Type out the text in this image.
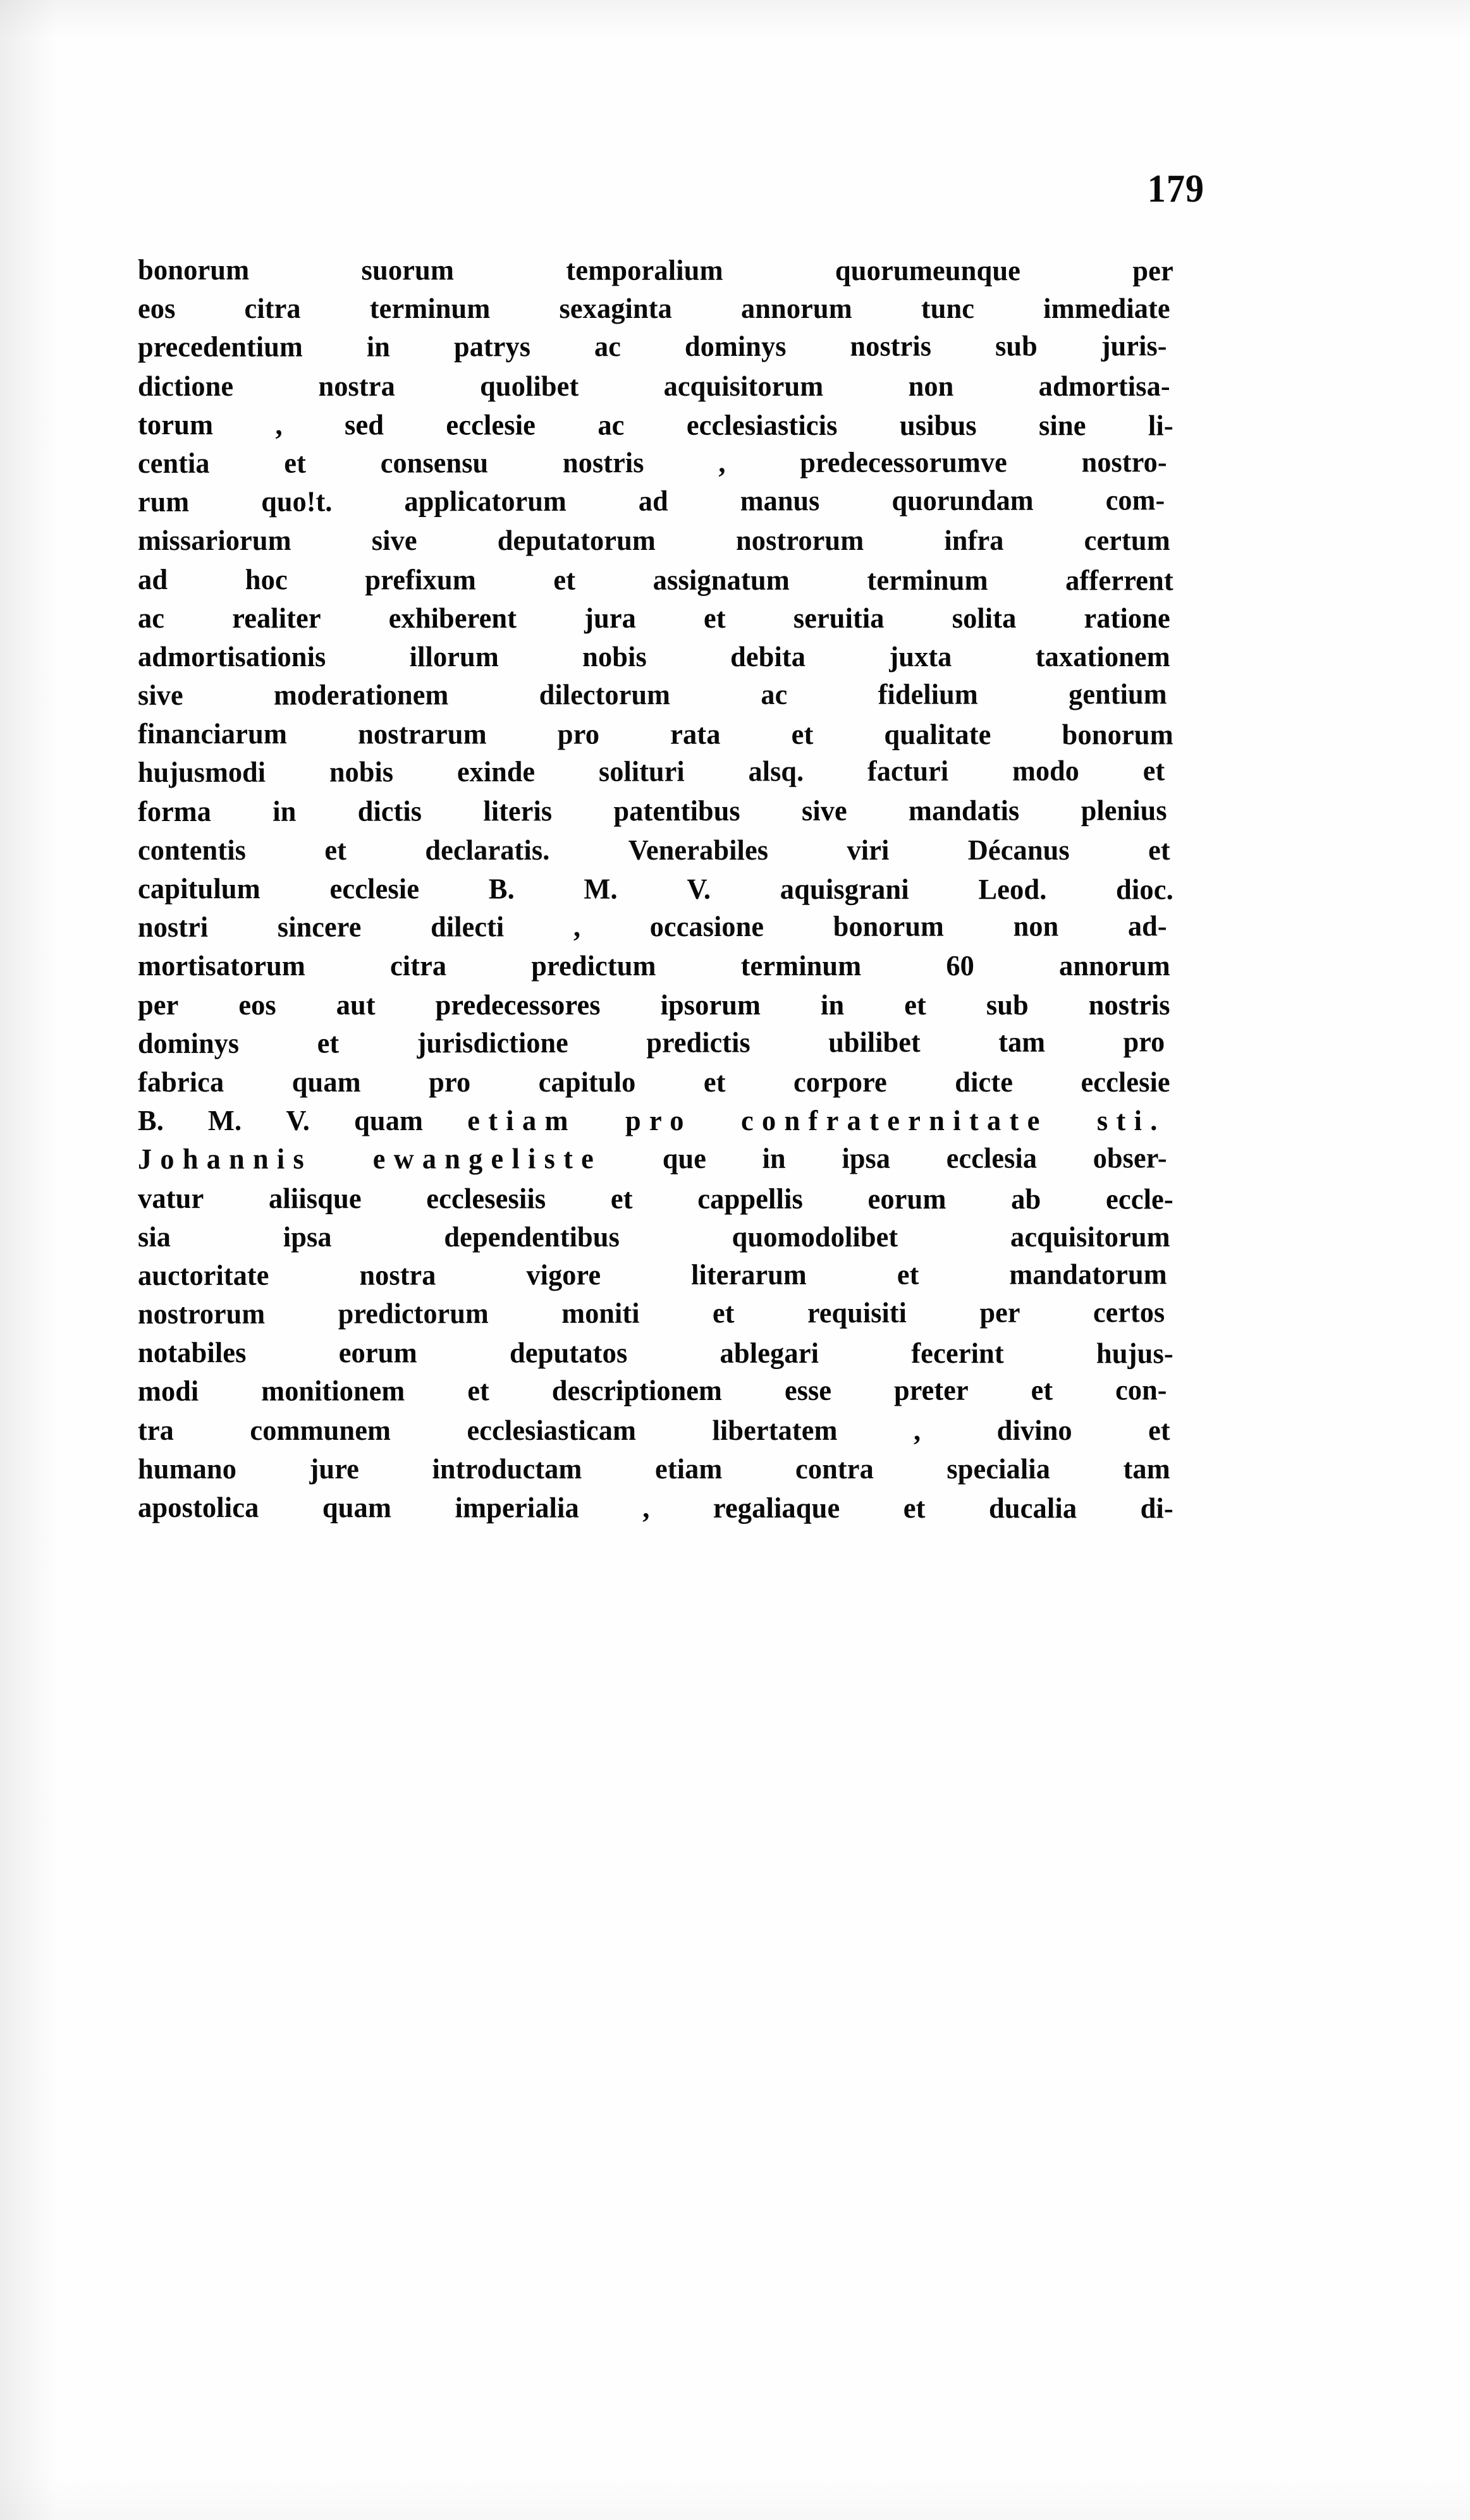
179
bonorum	suorum	temporalium	quorumeunque	per
eos citra terminum sexaginta annorum tunc immediate
precedentium in patrys ac dominys nostris sub juris-
dictione	nostra	quolibet	acquisitorum	non	admortisa-
torum , sed ecclesie ac ecclesiasticis usibus sine li-
centia	et	consensu	nostris	,	predecessorumve	nostro-
rum quo!t. applicatorum ad manus quorundam com-
missariorum	sive	deputatorum	nostrorum	infra	certum
ad	hoc	prefixum	et	assignatum	terminum	afferrent
ac realiter exhiberent jura et seruitia solita ratione
admortisationis	illorum	nobis	debita	juxta	taxationem
sive	moderationem	dilectorum	ac	fidelium	gentium
financiarum nostrarum pro rata et qualitate bonorum
hujusmodi nobis exinde solituri alsq. facturi modo et
forma in dictis literis patentibus sive mandatis plenius
contentis	et	declaratis.	Venerabiles	viri	Décanus	et
capitulum ecclesie B. M. V. aquisgrani Leod. dioc.
nostri sincere dilecti , occasione bonorum non ad-
mortisatorum	citra	predictum	terminum	60	annorum
per eos aut predecessores ipsorum in et sub nostris
dominys	et	jurisdictione	predictis	ubilibet	tam	pro
fabrica quam pro capitulo et corpore dicte ecclesie
B. M. V. quam etiam pro confraternitate sti.
Johannis ewangeliste que in ipsa ecclesia obser-
vatur aliisque ecclesesiis et cappellis eorum ab eccle-
sia	ipsa	dependentibus	quomodolibet	acquisitorum
auctoritate	nostra	vigore	literarum	et	mandatorum
nostrorum	predictorum	moniti	et	requisiti	per	certos
notabiles	eorum	deputatos	ablegari	fecerint	hujus-
modi monitionem et descriptionem esse preter et con-
tra	communem	ecclesiasticam	libertatem	,	divino	et
humano	jure	introductam	etiam	contra	specialia	tam
apostolica quam imperialia , regaliaque et ducalia di-
